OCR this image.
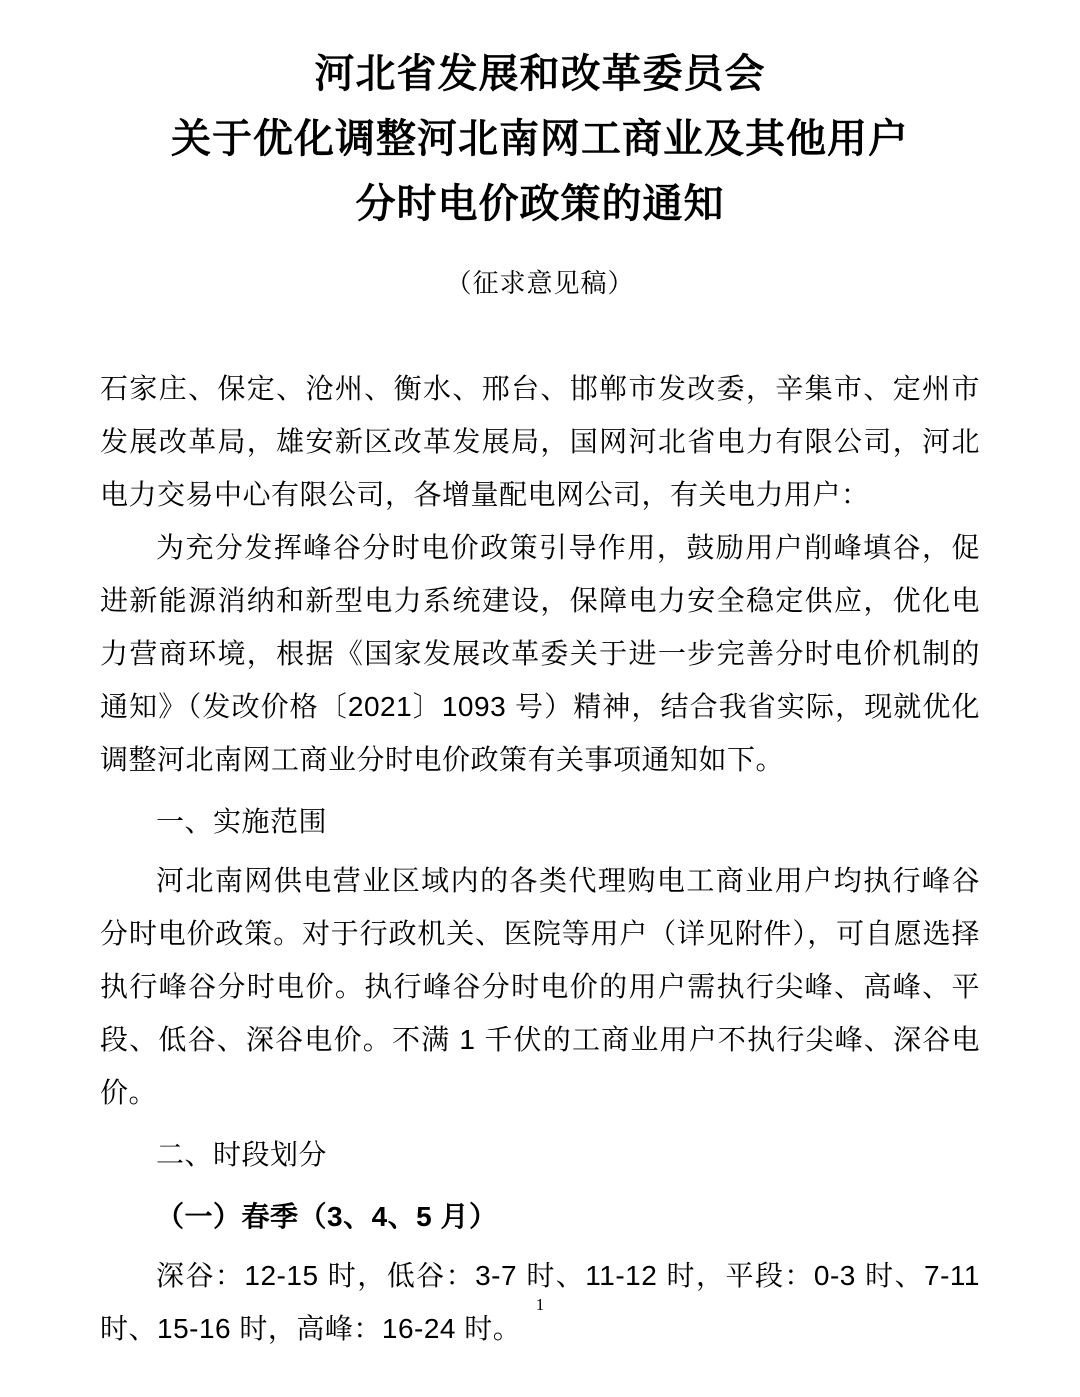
河北省发展和改革委员会
关于优化调整河北南网工商业及其他用户
分时电价政策的通知
（征求意见稿）

石家庄、保定、沧州、衡水、邢台、邯郸市发改委，辛集市、定州市发展改革局，雄安新区改革发展局，国网河北省电力有限公司，河北电力交易中心有限公司，各增量配电网公司，有关电力用户：

为充分发挥峰谷分时电价政策引导作用，鼓励用户削峰填谷，促进新能源消纳和新型电力系统建设，保障电力安全稳定供应，优化电力营商环境，根据《国家发展改革委关于进一步完善分时电价机制的通知》（发改价格〔2021〕1093 号）精神，结合我省实际，现就优化调整河北南网工商业分时电价政策有关事项通知如下。

一、实施范围

河北南网供电营业区域内的各类代理购电工商业用户均执行峰谷分时电价政策。对于行政机关、医院等用户（详见附件），可自愿选择执行峰谷分时电价。执行峰谷分时电价的用户需执行尖峰、高峰、平段、低谷、深谷电价。不满 1 千伏的工商业用户不执行尖峰、深谷电价。

二、时段划分

（一）春季（3、4、5 月）

深谷：12-15 时，低谷：3-7 时、11-12 时，平段：0-3 时、7-11 时、15-16 时，高峰：16-24 时。

1
